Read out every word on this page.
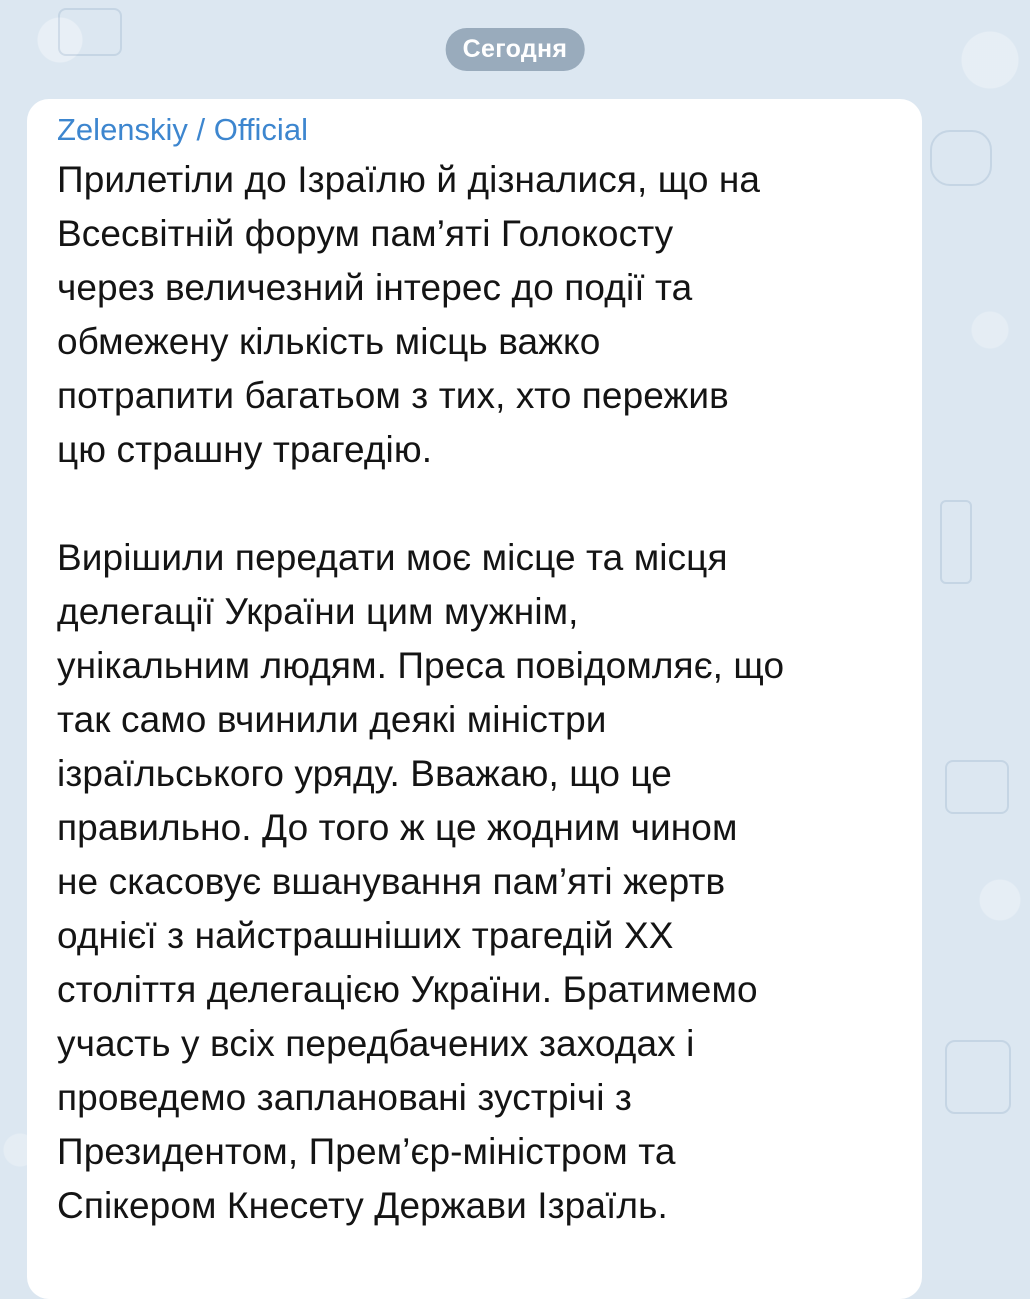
Сегодня
Zelenskiy / Official

Прилетіли до Ізраїлю й дізналися, що на
Всесвітній форум пам’яті Голокосту
через величезний інтерес до події та
обмежену кількість місць важко
потрапити багатьом з тих, хто пережив
цю страшну трагедію.

Вирішили передати моє місце та місця
делегації України цим мужнім,
унікальним людям. Преса повідомляє, що
так само вчинили деякі міністри
ізраїльського уряду. Вважаю, що це
правильно. До того ж це жодним чином
не скасовує вшанування пам’яті жертв
однієї з найстрашніших трагедій XX
століття делегацією України. Братимемо
участь у всіх передбачених заходах і
проведемо заплановані зустрічі з
Президентом, Прем’єр-міністром та
Спікером Кнесету Держави Ізраїль.
